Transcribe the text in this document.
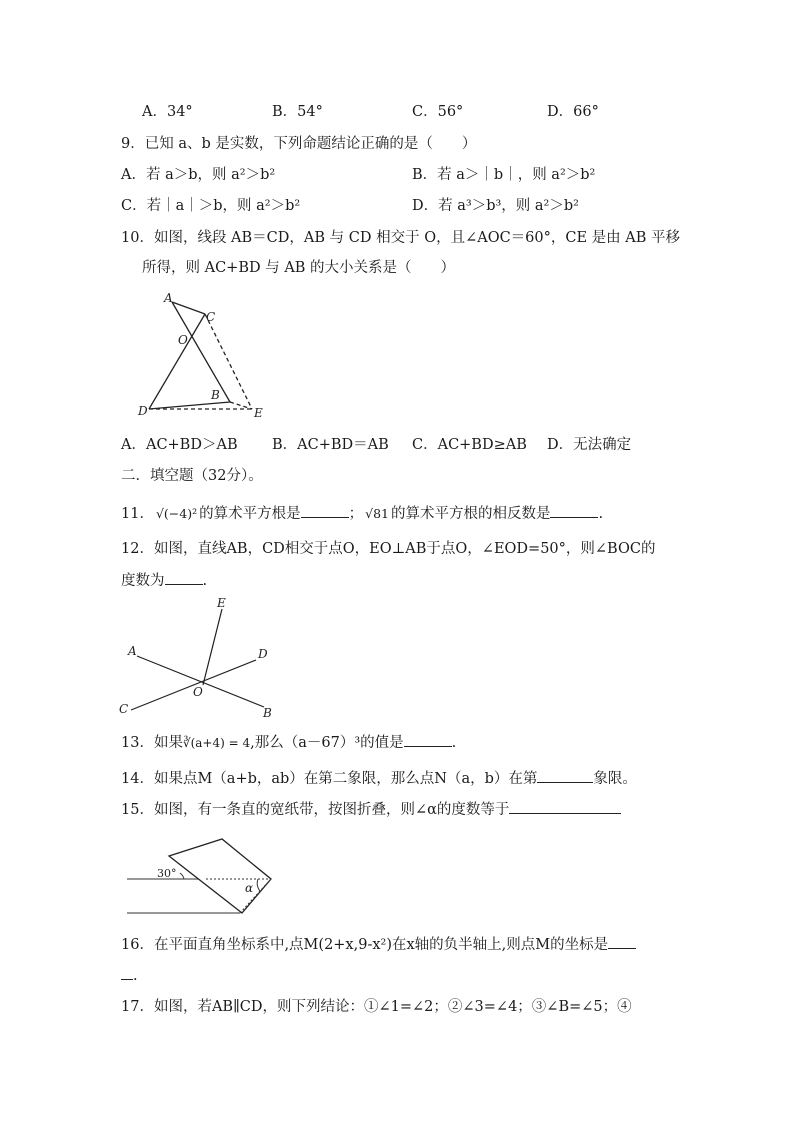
A．34°	B．54°	C．56°	D．66°
9．已知 a、b 是实数，下列命题结论正确的是（　　）
A．若 a＞b，则 a²＞b²	B．若 a＞｜b｜，则 a²＞b²
C．若｜a｜＞b，则 a²＞b²	D．若 a³＞b³，则 a²＞b²
10．如图，线段 AB＝CD，AB 与 CD 相交于 O，且∠AOC＝60°，CE 是由 AB 平移
所得，则 AC+BD 与 AB 的大小关系是（　　）
A
C
O
B
D	E
A．AC+BD＞AB B．AC+BD＝AB C．AC+BD≥AB D．无法确定
二．填空题（32分）。
11． √(−4)² 的算术平方根是	； √81 的算术平方根的相反数是	.
12．如图，直线AB，CD相交于点O，EO⊥AB于点O，∠EOD=50°，则∠BOC的
度数为	.
E
A	D
O
C	B
13．如果∛(a+4) = 4,那么（a－67）³的值是	.
14．如果点M（a+b，ab）在第二象限，那么点N（a，b）在第	象限。
15．如图，有一条直的宽纸带，按图折叠，则∠α的度数等于
30°
α
16．在平面直角坐标系中,点M(2+x,9-x²)在x轴的负半轴上,则点M的坐标是
.
17．如图，若AB∥CD，则下列结论：①∠1=∠2；②∠3=∠4；③∠B=∠5；④
